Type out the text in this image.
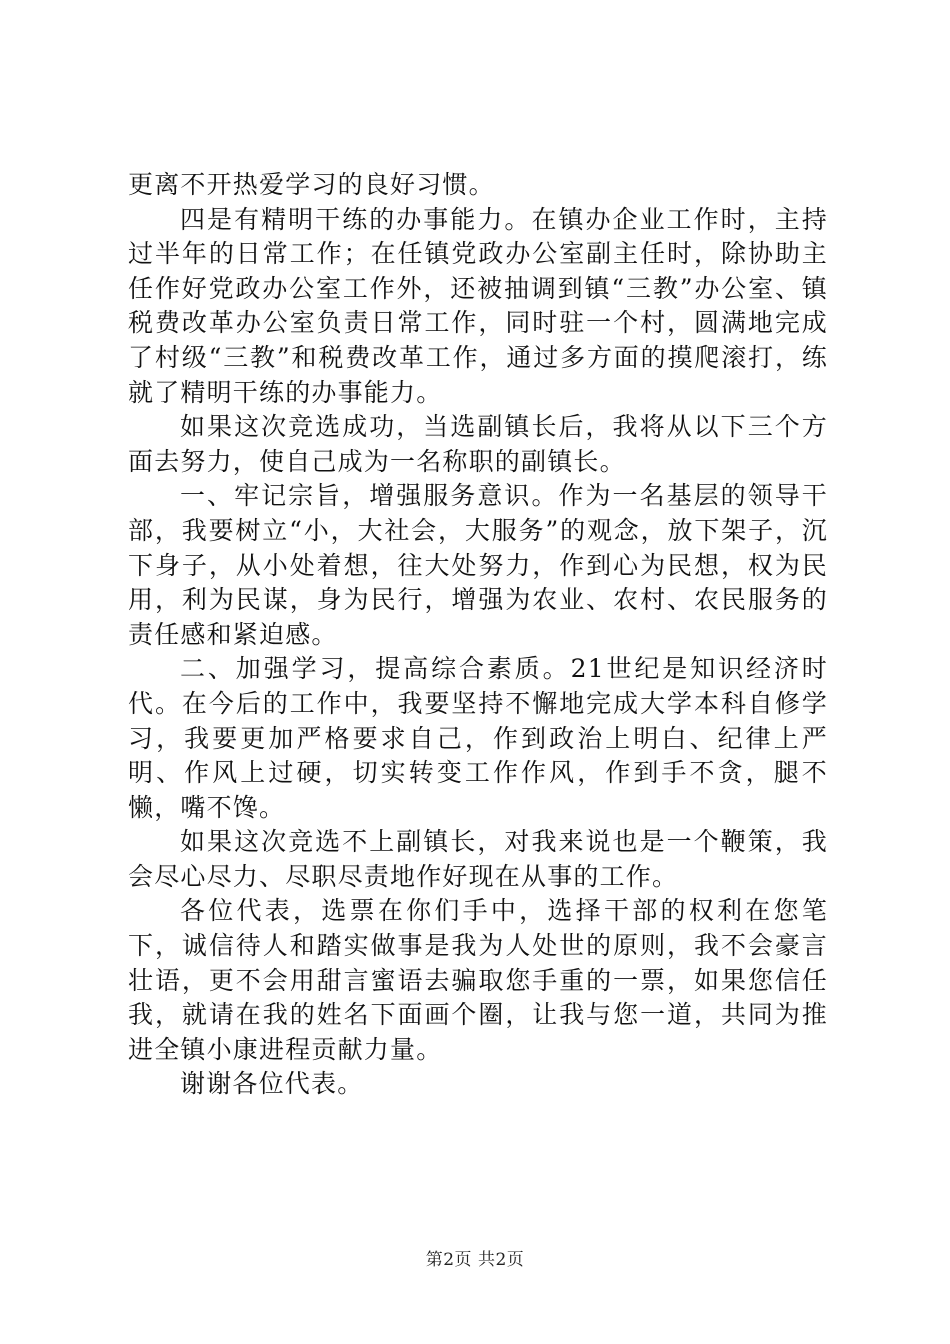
更离不开热爱学习的良好习惯。

四是有精明干练的办事能力。在镇办企业工作时，主持过半年的日常工作；在任镇党政办公室副主任时，除协助主任作好党政办公室工作外，还被抽调到镇“三教”办公室、镇税费改革办公室负责日常工作，同时驻一个村，圆满地完成了村级“三教”和税费改革工作，通过多方面的摸爬滚打，练就了精明干练的办事能力。

如果这次竞选成功，当选副镇长后，我将从以下三个方面去努力，使自己成为一名称职的副镇长。

一、牢记宗旨，增强服务意识。作为一名基层的领导干部，我要树立“小，大社会，大服务”的观念，放下架子，沉下身子，从小处着想，往大处努力，作到心为民想，权为民用，利为民谋，身为民行，增强为农业、农村、农民服务的责任感和紧迫感。

二、加强学习，提高综合素质。21世纪是知识经济时代。在今后的工作中，我要坚持不懈地完成大学本科自修学习，我要更加严格要求自己，作到政治上明白、纪律上严明、作风上过硬，切实转变工作作风，作到手不贪，腿不懒，嘴不馋。

如果这次竞选不上副镇长，对我来说也是一个鞭策，我会尽心尽力、尽职尽责地作好现在从事的工作。

各位代表，选票在你们手中，选择干部的权利在您笔下，诚信待人和踏实做事是我为人处世的原则，我不会豪言壮语，更不会用甜言蜜语去骗取您手重的一票，如果您信任我，就请在我的姓名下面画个圈，让我与您一道，共同为推进全镇小康进程贡献力量。

谢谢各位代表。

第2页 共2页
